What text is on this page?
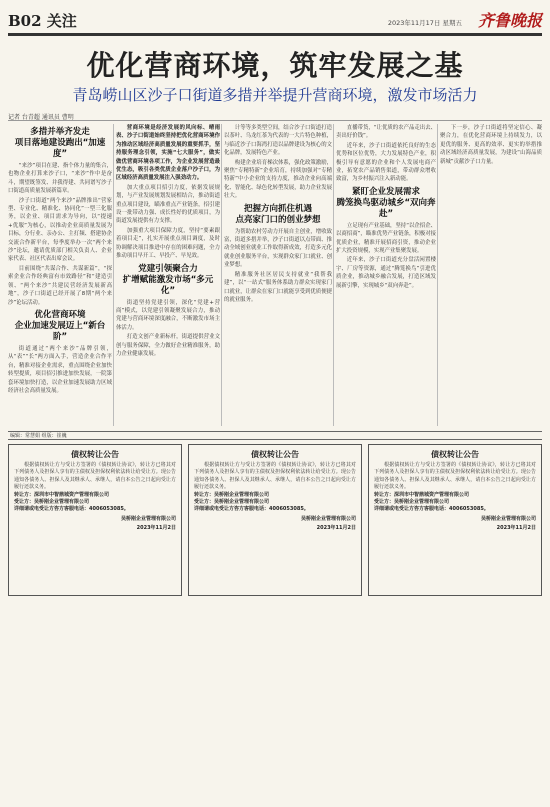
B02 关注	2023年11月17日 星期五 齐鲁晚报
优化营商环境，筑牢发展之基
青岛崂山区沙子口街道多措并举提升营商环境，激发市场活力
记者 台青超 通讯员 曹明
多措并举齐发走
项目落地建设跑出“加速度”

“来沙”项目在建、指个体力量的集合，也物企业打算来沙子口，“来沙”作中是奋斗，期望既签发、并我得建、共同谱写沙子口街道高质量发展新篇章。

沙子口街道“两个来沙”品牌推出“营家型、专业化、精准化、协同化”一型三化服务，以企业、项目需求为导向，以“提速+优服”为核心，以推动企业高质量发展为目标，分行业、亲办公、主打频、搭建协企交流合作新平台，每季度举办一次“两个来沙”论坛，邀请优质部门相关负责人、企业家代表、社区代表出席会议。

目前围绕“共谋合作、共谋新篇”，“探索企业合作经典富有市效路径”和“建造引领、“两个来沙”共建民营经济发展新高地”，沙子口街道已经开展了8期“两个来沙”论坛活动。

优化营商环境
企业加速发展迈上“新台阶”

街道通过“两个来沙”品牌引领，从“表”“长”两方面入手，营造企业合作平台，精准对接企业需求，重点围绕企业加快转型提质，项目招引推进加快发展，一院第套环境加快打造，以企业加速发展助力区域经济社会高质量发展。

营商环境是经济发展的风向标、晴雨表、沙子口街道始终坚持把优化营商环境作为推动区域经济高质量发展的重要抓手，坚持服务理念引领，实施“七大服务”，做实做优营商环境各项工作，为企业发展营造最优生态，吸引各类优质企业落户沙子口，为区域经济高质量发展注入强劲动力。

加大重点项目招引力度，依据发展规划，与产业发展规划发展相结合，推动街道重点项目建设，瞄准重点产业链条，招引建设一批带动力强、成长性好的优质项目，为街道发展提供有力支撑。

加强重大项目保障力度，坚持“要素跟着项目走”，扎实开展重点项目调度，及时协调解决项目推进中存在的困难问题，全力推动项目早开工、早投产、早见效。

党建引领聚合力
扩增赋能激发市场“多元化”

街道坚持党建引领，深化“党建+营商”模式，以党建引领凝聚发展合力，推动党建与营商环境深度融合，不断激发市场主体活力。

打造文创产业新标杆，街道提供营业文创与服务保障，全力做好企业精准服务，助力企业健康发展。

计等等多类型空间，结合沙子口街道打造以茶叶、乌龙红茶为代表的一大片特色种植，与临近沙子口海湾打造以品牌建设为核心的文化品牌，发展特色产业。

构建企业培育梯次体系，强化政策激励，聚焦“专精特新”企业培育，持续加强对“专精特新”中小企业的支持力度，推动企业向高端化、智能化、绿色化转型发展，助力企业发展壮大。

把握方向抓住机遇
点亮家门口的创业梦想

为帮助农村劳动力开展自主创业，增收致富，街道多措并举，沙子口街道以点带面、推动全域创业就业工作取得新成效，打造多元化就业创业服务平台，实现群众家门口就业、创业梦想。

精准服务社区居民支持就业“我帮我建”，以“一站式”服务体系助力群众实现家门口就业，让群众在家门口就能享受到优质便捷的就业服务。

直播带货，“让优质的农产品走出去、卖出好价钱”。

近年来，沙子口街道依托良好的生态优势和区位优势，大力发展特色产业，积极引导有意愿的企业和个人发展电商产业，拓宽农产品销售渠道，带动群众增收致富，为乡村振兴注入新动能。

紧盯企业发展需求
腾笼换鸟驱动城乡“双向奔赴”

立足现有产业基础，坚持“以企招企、以商招商”，瞄准优势产业链条，积极对接优质企业，精准开展招商引资，推动企业扩大投资规模，实现产业集聚发展。

近年来，沙子口街道充分盘活闲置楼宇、厂房等资源，通过“腾笼换鸟”引进优质企业，推动城乡融合发展，打造区域发展新引擎，实现城乡“双向奔赴”。

下一步，沙子口街道将坚定信心、凝聚合力，在优化营商环境上持续发力，以更优的服务、更高的效率、更实的举措推动区域经济高质量发展，为建设“山海品质新城”贡献沙子口力量。

编辑：常慧娟 组版：崔巍
债权转让公告
根据债权转让方与受让方签署的《债权转让协议》，转让方已将其对下列债务人及担保人享有的主债权及担保权利依法转让给受让方。现公告通知各债务人、担保人及其继承人、承继人，请自本公告之日起向受让方履行还款义务。
转让方：深圳市中智鼎城资产管理有限公司
受让方：吴桥刚企业管理有限公司
详细请或电受让方咨方客服电话：4006053085。
吴桥刚企业管理有限公司
2023年11月2日
债权转让公告
根据债权转让方与受让方签署的《债权转让协议》，转让方已将其对下列债务人及担保人享有的主债权及担保权利依法转让给受让方。现公告通知各债务人、担保人及其继承人、承继人，请自本公告之日起向受让方履行还款义务。
转让方：吴桥刚企业管理有限公司
受让方：吴桥刚企业管理有限公司
详细请或电受让方咨方客服电话：4006053085。
吴桥刚企业管理有限公司
2023年11月2日
债权转让公告
根据债权转让方与受让方签署的《债权转让协议》，转让方已将其对下列债务人及担保人享有的主债权及担保权利依法转让给受让方。现公告通知各债务人、担保人及其继承人、承继人，请自本公告之日起向受让方履行还款义务。
转让方：深圳市中智鼎城资产管理有限公司
受让方：吴桥刚企业管理有限公司
详细请或电受让方咨方客服电话：4006053085。
吴桥刚企业管理有限公司
2023年11月2日
